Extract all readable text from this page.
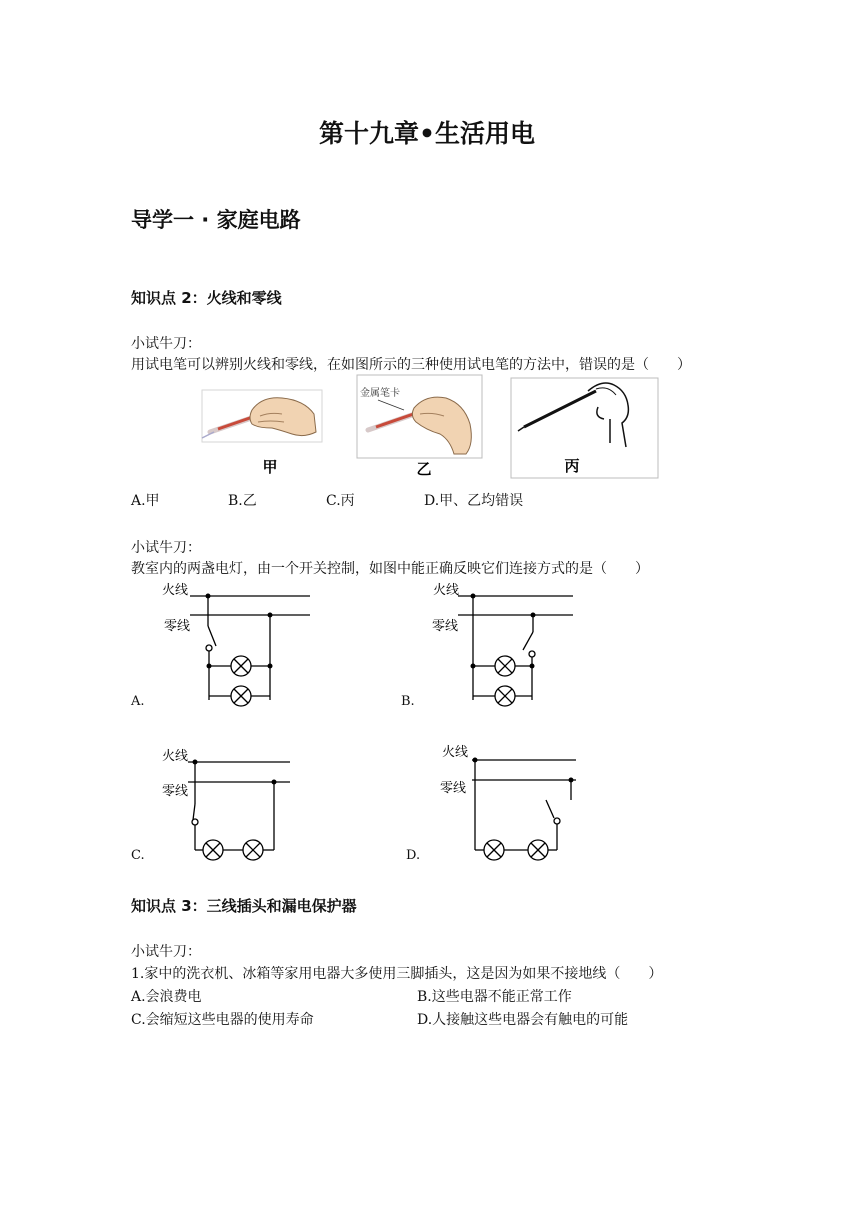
第十九章•生活用电
导学一 · 家庭电路
知识点 2：火线和零线
小试牛刀：
用试电笔可以辨别火线和零线，在如图所示的三种使用试电笔的方法中，错误的是（　　）
甲
金属笔卡
乙	丙
A.甲	B.乙	C.丙	D.甲、乙均错误
小试牛刀：
教室内的两盏电灯，由一个开关控制，如图中能正确反映它们连接方式的是（　　）
火线
零线
A.
火线
零线
B.
火线
零线
C.
火线
零线
D.
知识点 3：三线插头和漏电保护器
小试牛刀：
1.家中的洗衣机、冰箱等家用电器大多使用三脚插头，这是因为如果不接地线（　　）
A.会浪费电	B.这些电器不能正常工作
C.会缩短这些电器的使用寿命	D.人接触这些电器会有触电的可能
